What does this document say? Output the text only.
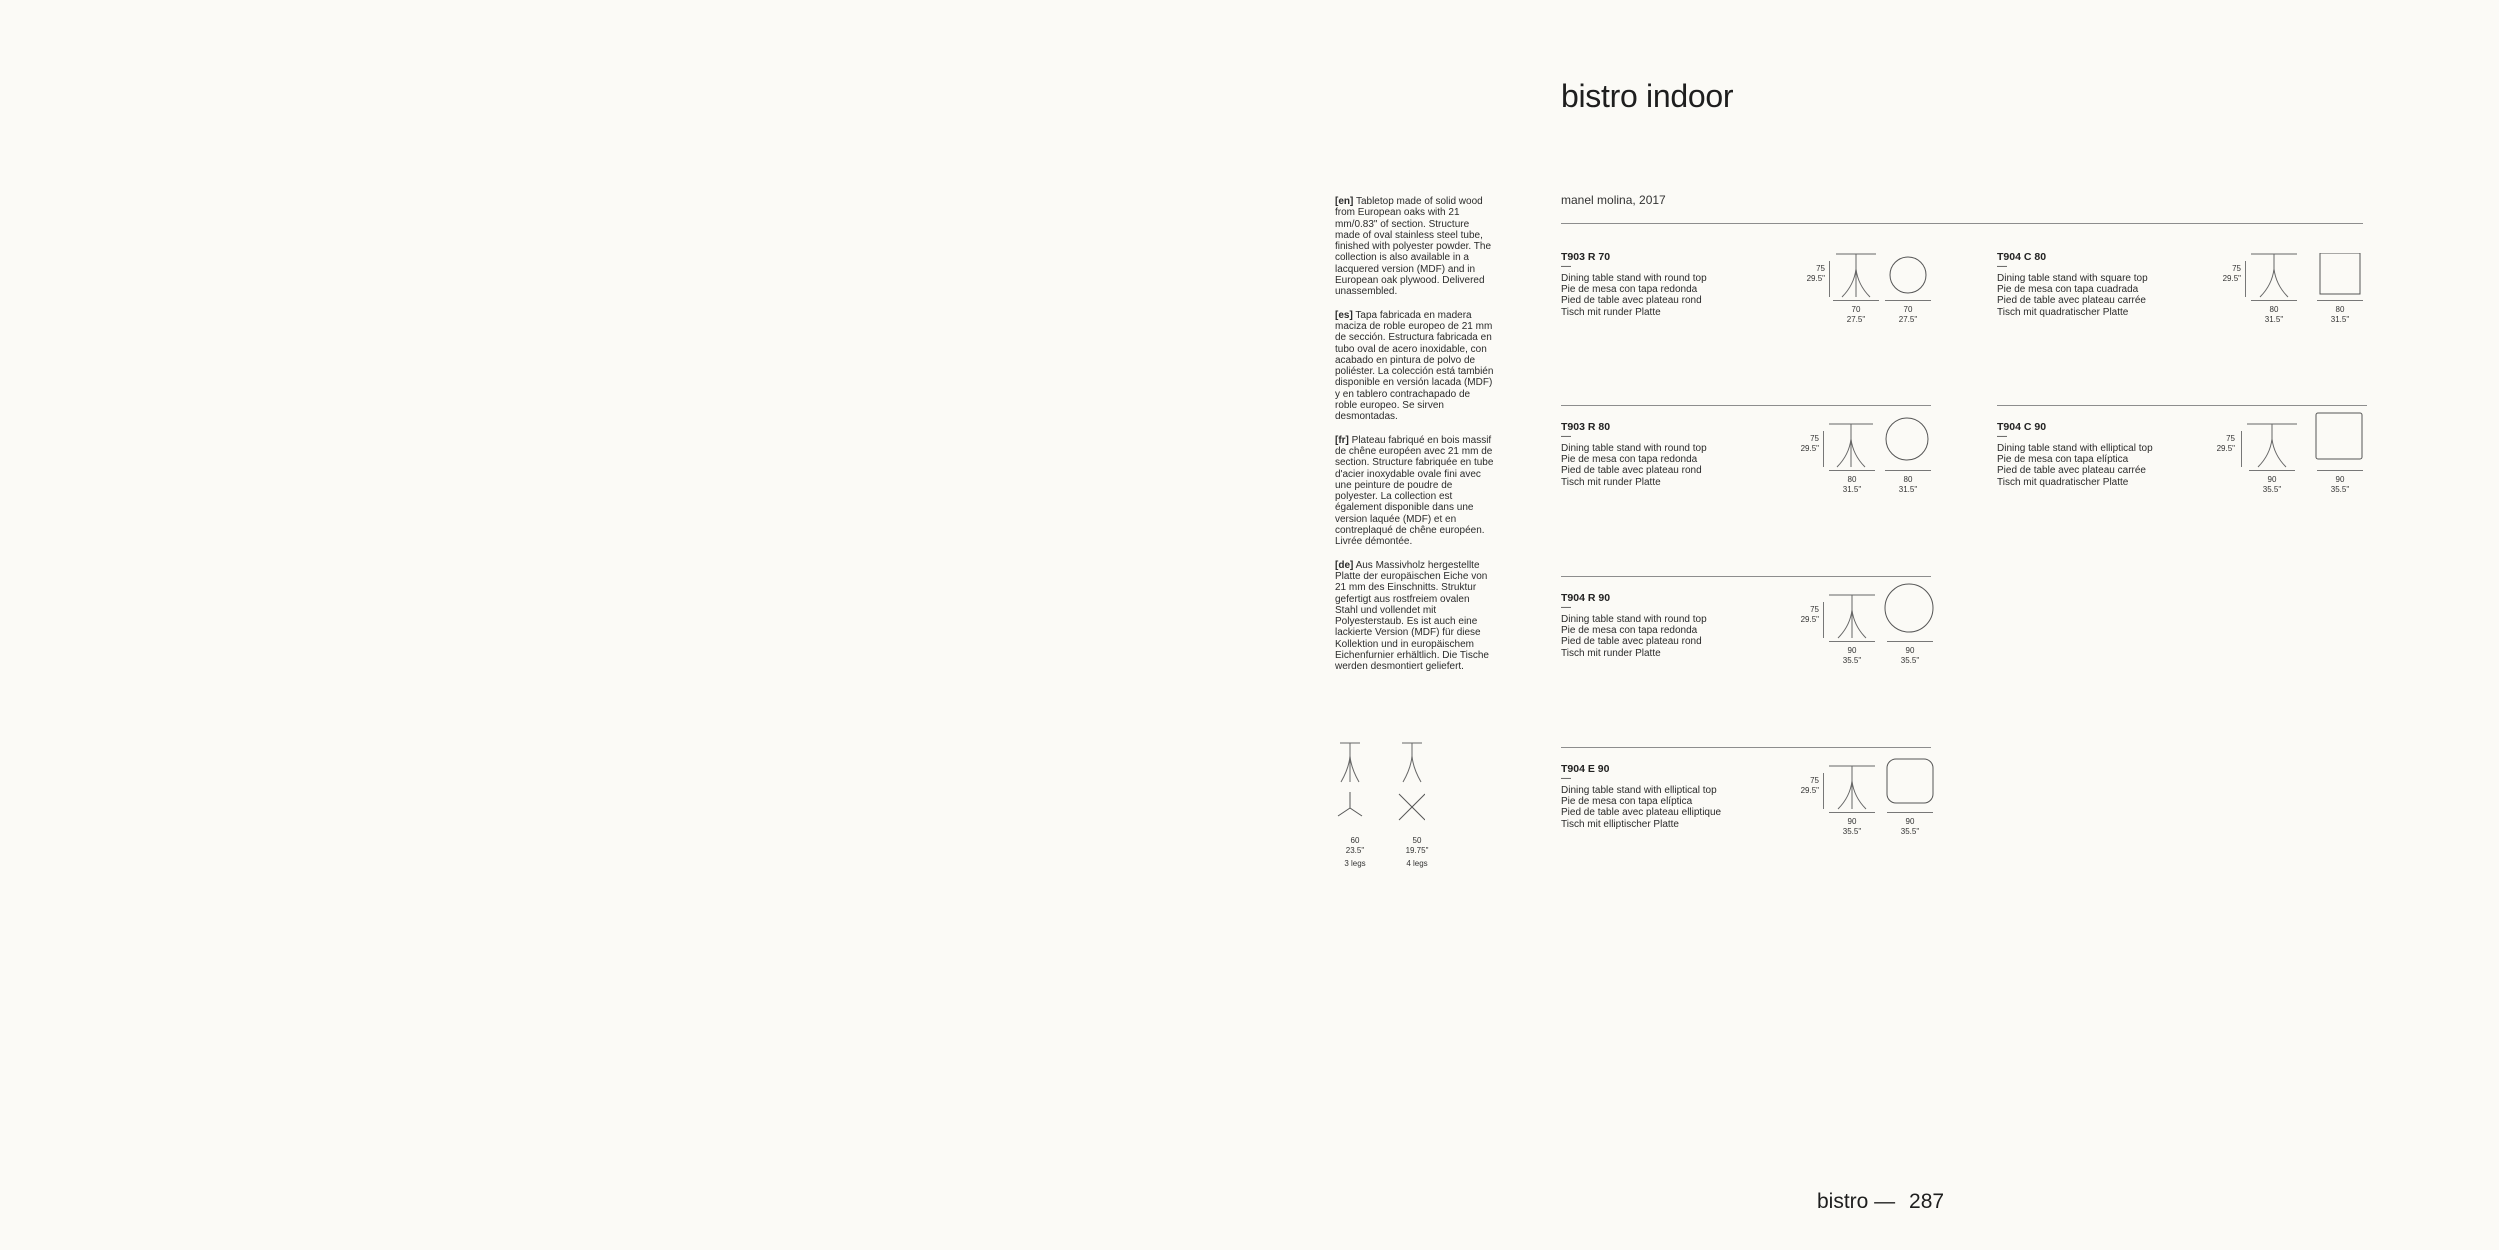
bistro indoor

[en] Tabletop made of solid wood from European oaks with 21 mm/0.83" of section. Structure made of oval stainless steel tube, finished with polyester powder. The collection is also available in a lacquered version (MDF) and in European oak plywood. Delivered unassembled.

[es] Tapa fabricada en madera maciza de roble europeo de 21 mm de sección. Estructura fabricada en tubo oval de acero inoxidable, con acabado en pintura de polvo de poliéster. La colección está también disponible en versión lacada (MDF) y en tablero contrachapado de roble europeo. Se sirven desmontadas.

[fr] Plateau fabriqué en bois massif de chêne européen avec 21 mm de section. Structure fabriquée en tube d'acier inoxydable ovale fini avec une peinture de poudre de polyester. La collection est également disponible dans une version laquée (MDF) et en contreplaqué de chêne européen. Livrée démontée.

[de] Aus Massivholz hergestellte Platte der europäischen Eiche von 21 mm des Einschnitts. Struktur gefertigt aus rostfreiem ovalen Stahl und vollendet mit Polyesterstaub. Es ist auch eine lackierte Version (MDF) für diese Kollektion und in europäischem Eichenfurnier erhältlich. Die Tische werden desmontiert geliefert.

60
23.5"
3 legs
50
19.75"
4 legs
manel molina, 2017
T903 R 70
—
Dining table stand with round top
Pie de mesa con tapa redonda
Pied de table avec plateau rond
Tisch mit runder Platte
75
29.5"
70
27.5"
70
27.5"
T904 C 80
—
Dining table stand with square top
Pie de mesa con tapa cuadrada
Pied de table avec plateau carrée
Tisch mit quadratischer Platte
75
29.5"
80
31.5"
80
31.5"
T903 R 80
—
Dining table stand with round top
Pie de mesa con tapa redonda
Pied de table avec plateau rond
Tisch mit runder Platte
75
29.5"
80
31.5"
80
31.5"
T904 C 90
—
Dining table stand with elliptical top
Pie de mesa con tapa elíptica
Pied de table avec plateau carrée
Tisch mit quadratischer Platte
75
29.5"
90
35.5"
90
35.5"
T904 R 90
—
Dining table stand with round top
Pie de mesa con tapa redonda
Pied de table avec plateau rond
Tisch mit runder Platte
75
29.5"
90
35.5"
90
35.5"
T904 E 90
—
Dining table stand with elliptical top
Pie de mesa con tapa elíptica
Pied de table avec plateau elliptique
Tisch mit elliptischer Platte
75
29.5"
90
35.5"
90
35.5"
bistro — 287
